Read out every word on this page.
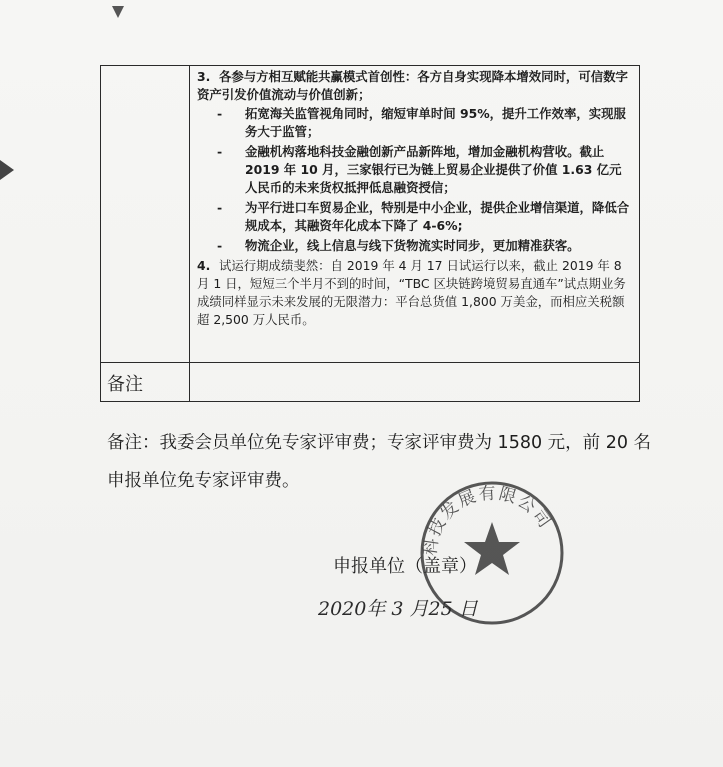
3. 各参与方相互赋能共赢模式首创性：各方自身实现降本增效同时，可信数字资产引发价值流动与价值创新；

- 拓宽海关监管视角同时，缩短审单时间 95%，提升工作效率，实现服务大于监管；
- 金融机构落地科技金融创新产品新阵地，增加金融机构营收。截止 2019 年 10 月，三家银行已为链上贸易企业提供了价值 1.63 亿元人民币的未来货权抵押低息融资授信；
- 为平行进口车贸易企业，特别是中小企业，提供企业增信渠道，降低合规成本，其融资年化成本下降了 4-6%;
- 物流企业，线上信息与线下货物流实时同步，更加精准获客。

4. 试运行期成绩斐然：自 2019 年 4 月 17 日试运行以来，截止 2019 年 8 月 1 日，短短三个半月不到的时间，“TBC 区块链跨境贸易直通车”试点期业务成绩同样显示未来发展的无限潜力：平台总货值 1,800 万美金，而相应关税额超 2,500 万人民币。

备注
备注：我委会员单位免专家评审费；专家评审费为 1580 元，前 20 名申报单位免专家评审费。
科技发展有限公司
申报单位（盖章）
2020年 3 月25 日
